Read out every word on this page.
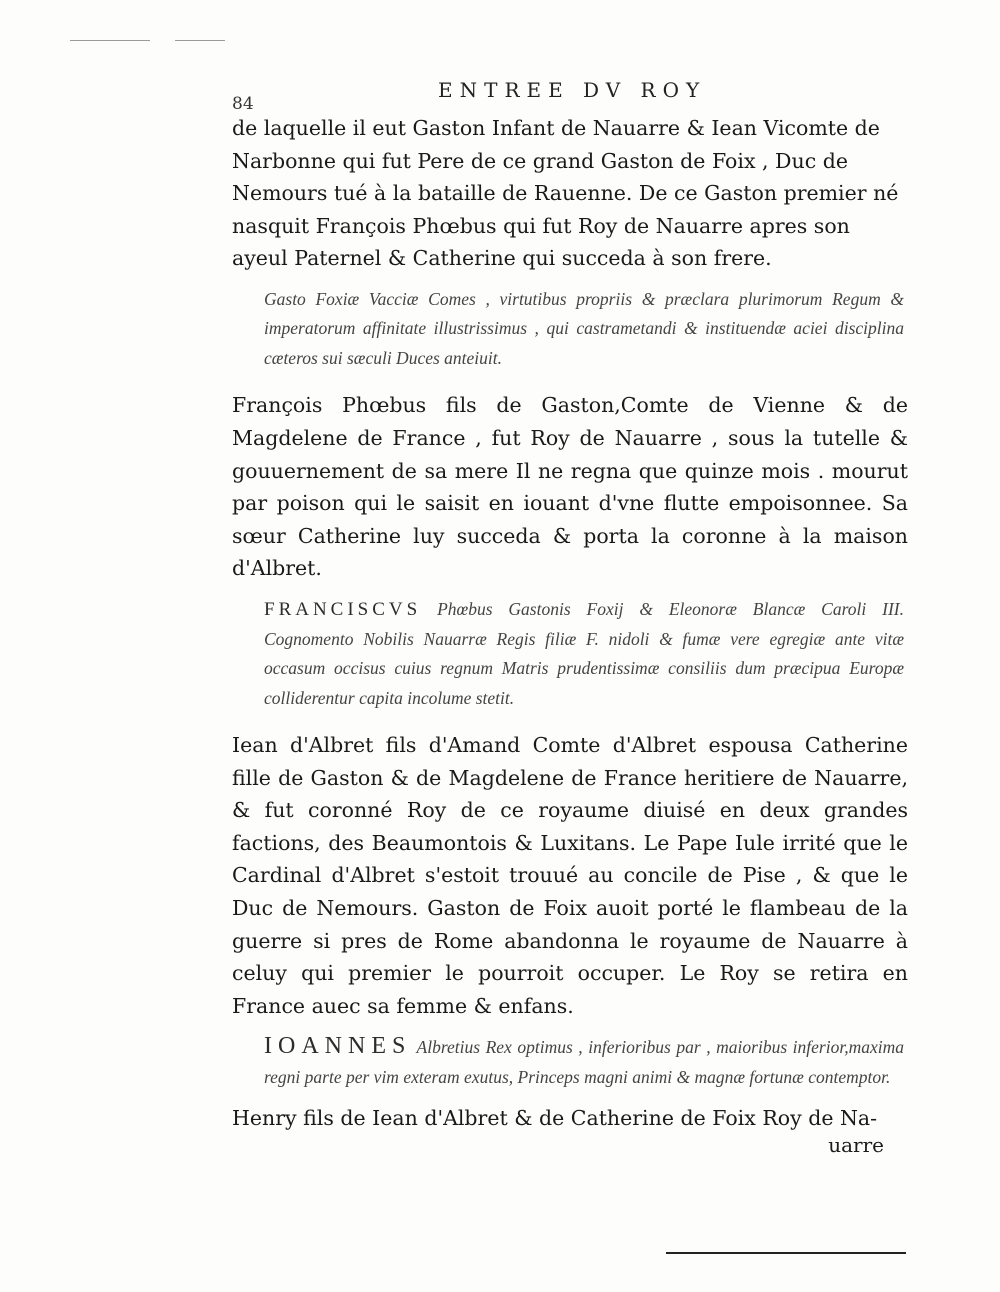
84
ENTREE DV ROY

de laquelle il eut Gaston Infant de Nauarre & Iean Vicomte de Narbonne qui fut Pere de ce grand Gaston de Foix , Duc de Nemours tué à la bataille de Rauenne. De ce Gaston premier né nasquit François Phœbus qui fut Roy de Nauarre apres son ayeul Paternel & Catherine qui succeda à son frere.

Gasto Foxiæ Vacciæ Comes , virtutibus propriis & præclara plurimorum Regum & imperatorum affinitate illustrissimus , qui castrametandi & instituendæ aciei disciplina cæteros sui sæculi Duces anteiuit.

François Phœbus fils de Gaston,Comte de Vienne & de Magdelene de France , fut Roy de Nauarre , sous la tutelle & gouuernement de sa mere Il ne regna que quinze mois . mourut par poison qui le saisit en iouant d'vne flutte empoisonnee. Sa sœur Catherine luy succeda & porta la coronne à la maison d'Albret.

FRANCISCVS Phœbus Gastonis Foxij & Eleonoræ Blancæ Caroli III. Cognomento Nobilis Nauarræ Regis filiæ F. nidoli & fumæ vere egregiæ ante vitæ occasum occisus cuius regnum Matris prudentissimæ consiliis dum præcipua Europæ colliderentur capita incolume stetit.

Iean d'Albret fils d'Amand Comte d'Albret espousa Catherine fille de Gaston & de Magdelene de France heritiere de Nauarre, & fut coronné Roy de ce royaume diuisé en deux grandes factions, des Beaumontois & Luxitans. Le Pape Iule irrité que le Cardinal d'Albret s'estoit trouué au concile de Pise , & que le Duc de Nemours. Gaston de Foix auoit porté le flambeau de la guerre si pres de Rome abandonna le royaume de Nauarre à celuy qui premier le pourroit occuper. Le Roy se retira en France auec sa femme & enfans.

IOANNES Albretius Rex optimus , inferioribus par , maioribus inferior,maxima regni parte per vim exteram exutus, Princeps magni animi & magnæ fortunæ contemptor.

Henry fils de Iean d'Albret & de Catherine de Foix Roy de Na-

uarre
